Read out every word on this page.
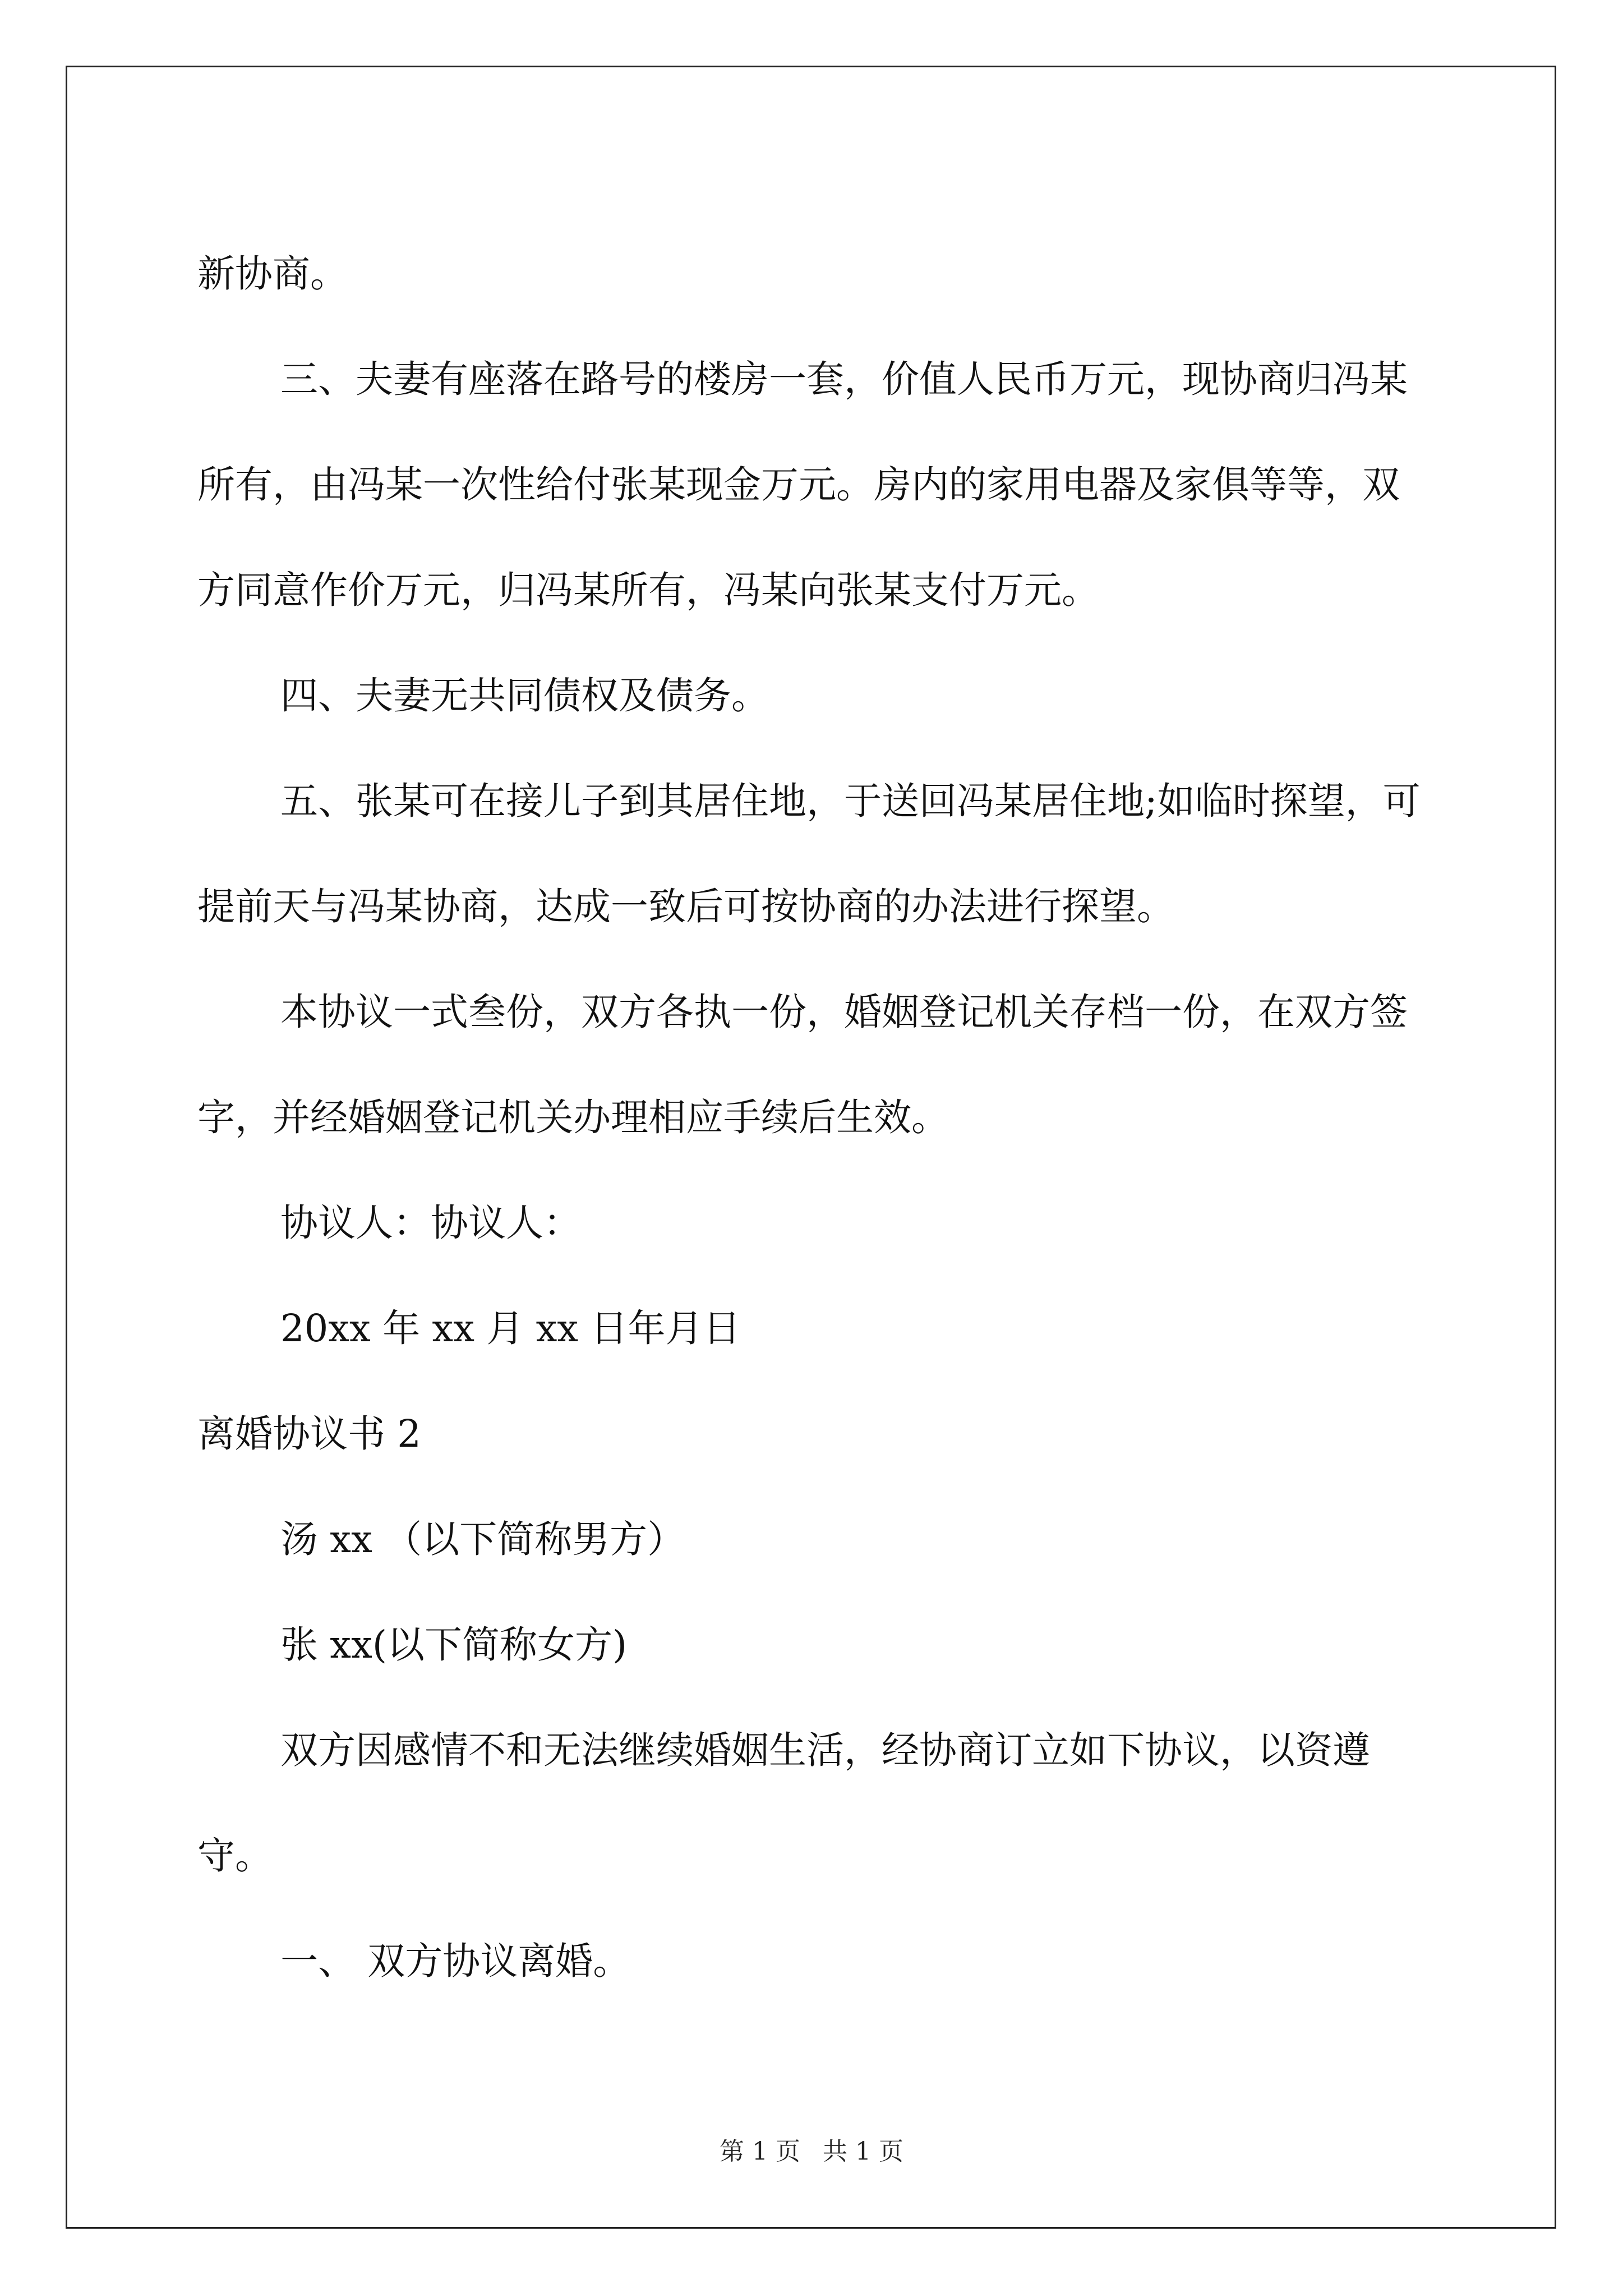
新协商。

三、夫妻有座落在路号的楼房一套，价值人民币万元，现协商归冯某所有，由冯某一次性给付张某现金万元。房内的家用电器及家俱等等，双方同意作价万元，归冯某所有，冯某向张某支付万元。

四、夫妻无共同债权及债务。

五、张某可在接儿子到其居住地，于送回冯某居住地;如临时探望，可提前天与冯某协商，达成一致后可按协商的办法进行探望。

本协议一式叁份，双方各执一份，婚姻登记机关存档一份，在双方签字，并经婚姻登记机关办理相应手续后生效。

协议人：协议人：

20xx 年 xx 月 xx 日年月日

离婚协议书 2

汤 xx （以下简称男方）

张 xx(以下简称女方)

双方因感情不和无法继续婚姻生活，经协商订立如下协议，以资遵守。

一、 双方协议离婚。

第 1 页 共 1 页
